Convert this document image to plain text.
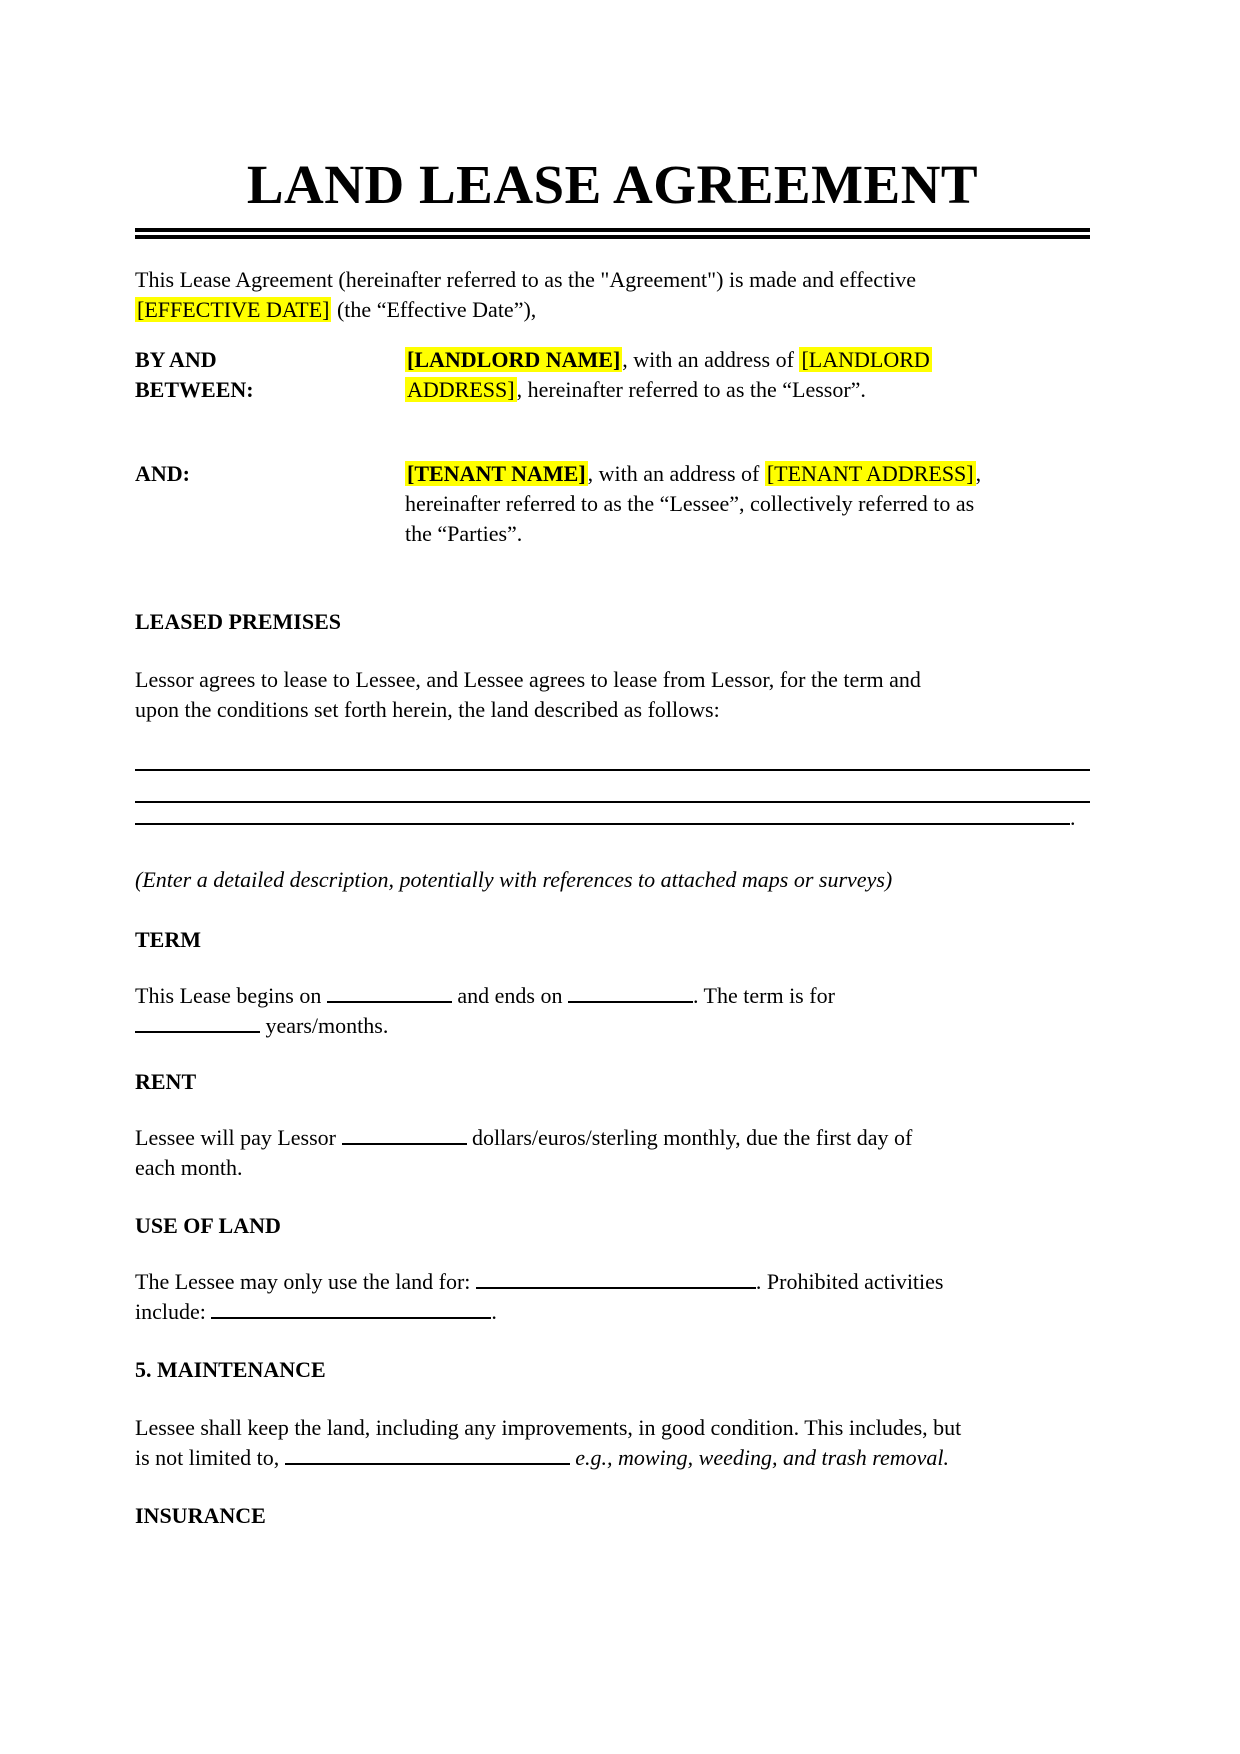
LAND LEASE AGREEMENT

This Lease Agreement (hereinafter referred to as the "Agreement") is made and effective
[EFFECTIVE DATE] (the “Effective Date”),

BY AND BETWEEN:
[LANDLORD NAME], with an address of [LANDLORD
ADDRESS], hereinafter referred to as the “Lessor”.
AND:	[TENANT NAME], with an address of [TENANT ADDRESS],
hereinafter referred to as the “Lessee”, collectively referred to as
the “Parties”.
LEASED PREMISES

Lessor agrees to lease to Lessee, and Lessee agrees to lease from Lessor, for the term and
upon the conditions set forth herein, the land described as follows:

.

(Enter a detailed description, potentially with references to attached maps or surveys)

TERM

This Lease begins on	and ends on	. The term is for
years/months.

RENT

Lessee will pay Lessor	dollars/euros/sterling monthly, due the first day of
each month.

USE OF LAND

The Lessee may only use the land for:	. Prohibited activities
include:	.

5. MAINTENANCE

Lessee shall keep the land, including any improvements, in good condition. This includes, but
is not limited to,	e.g., mowing, weeding, and trash removal.

INSURANCE
